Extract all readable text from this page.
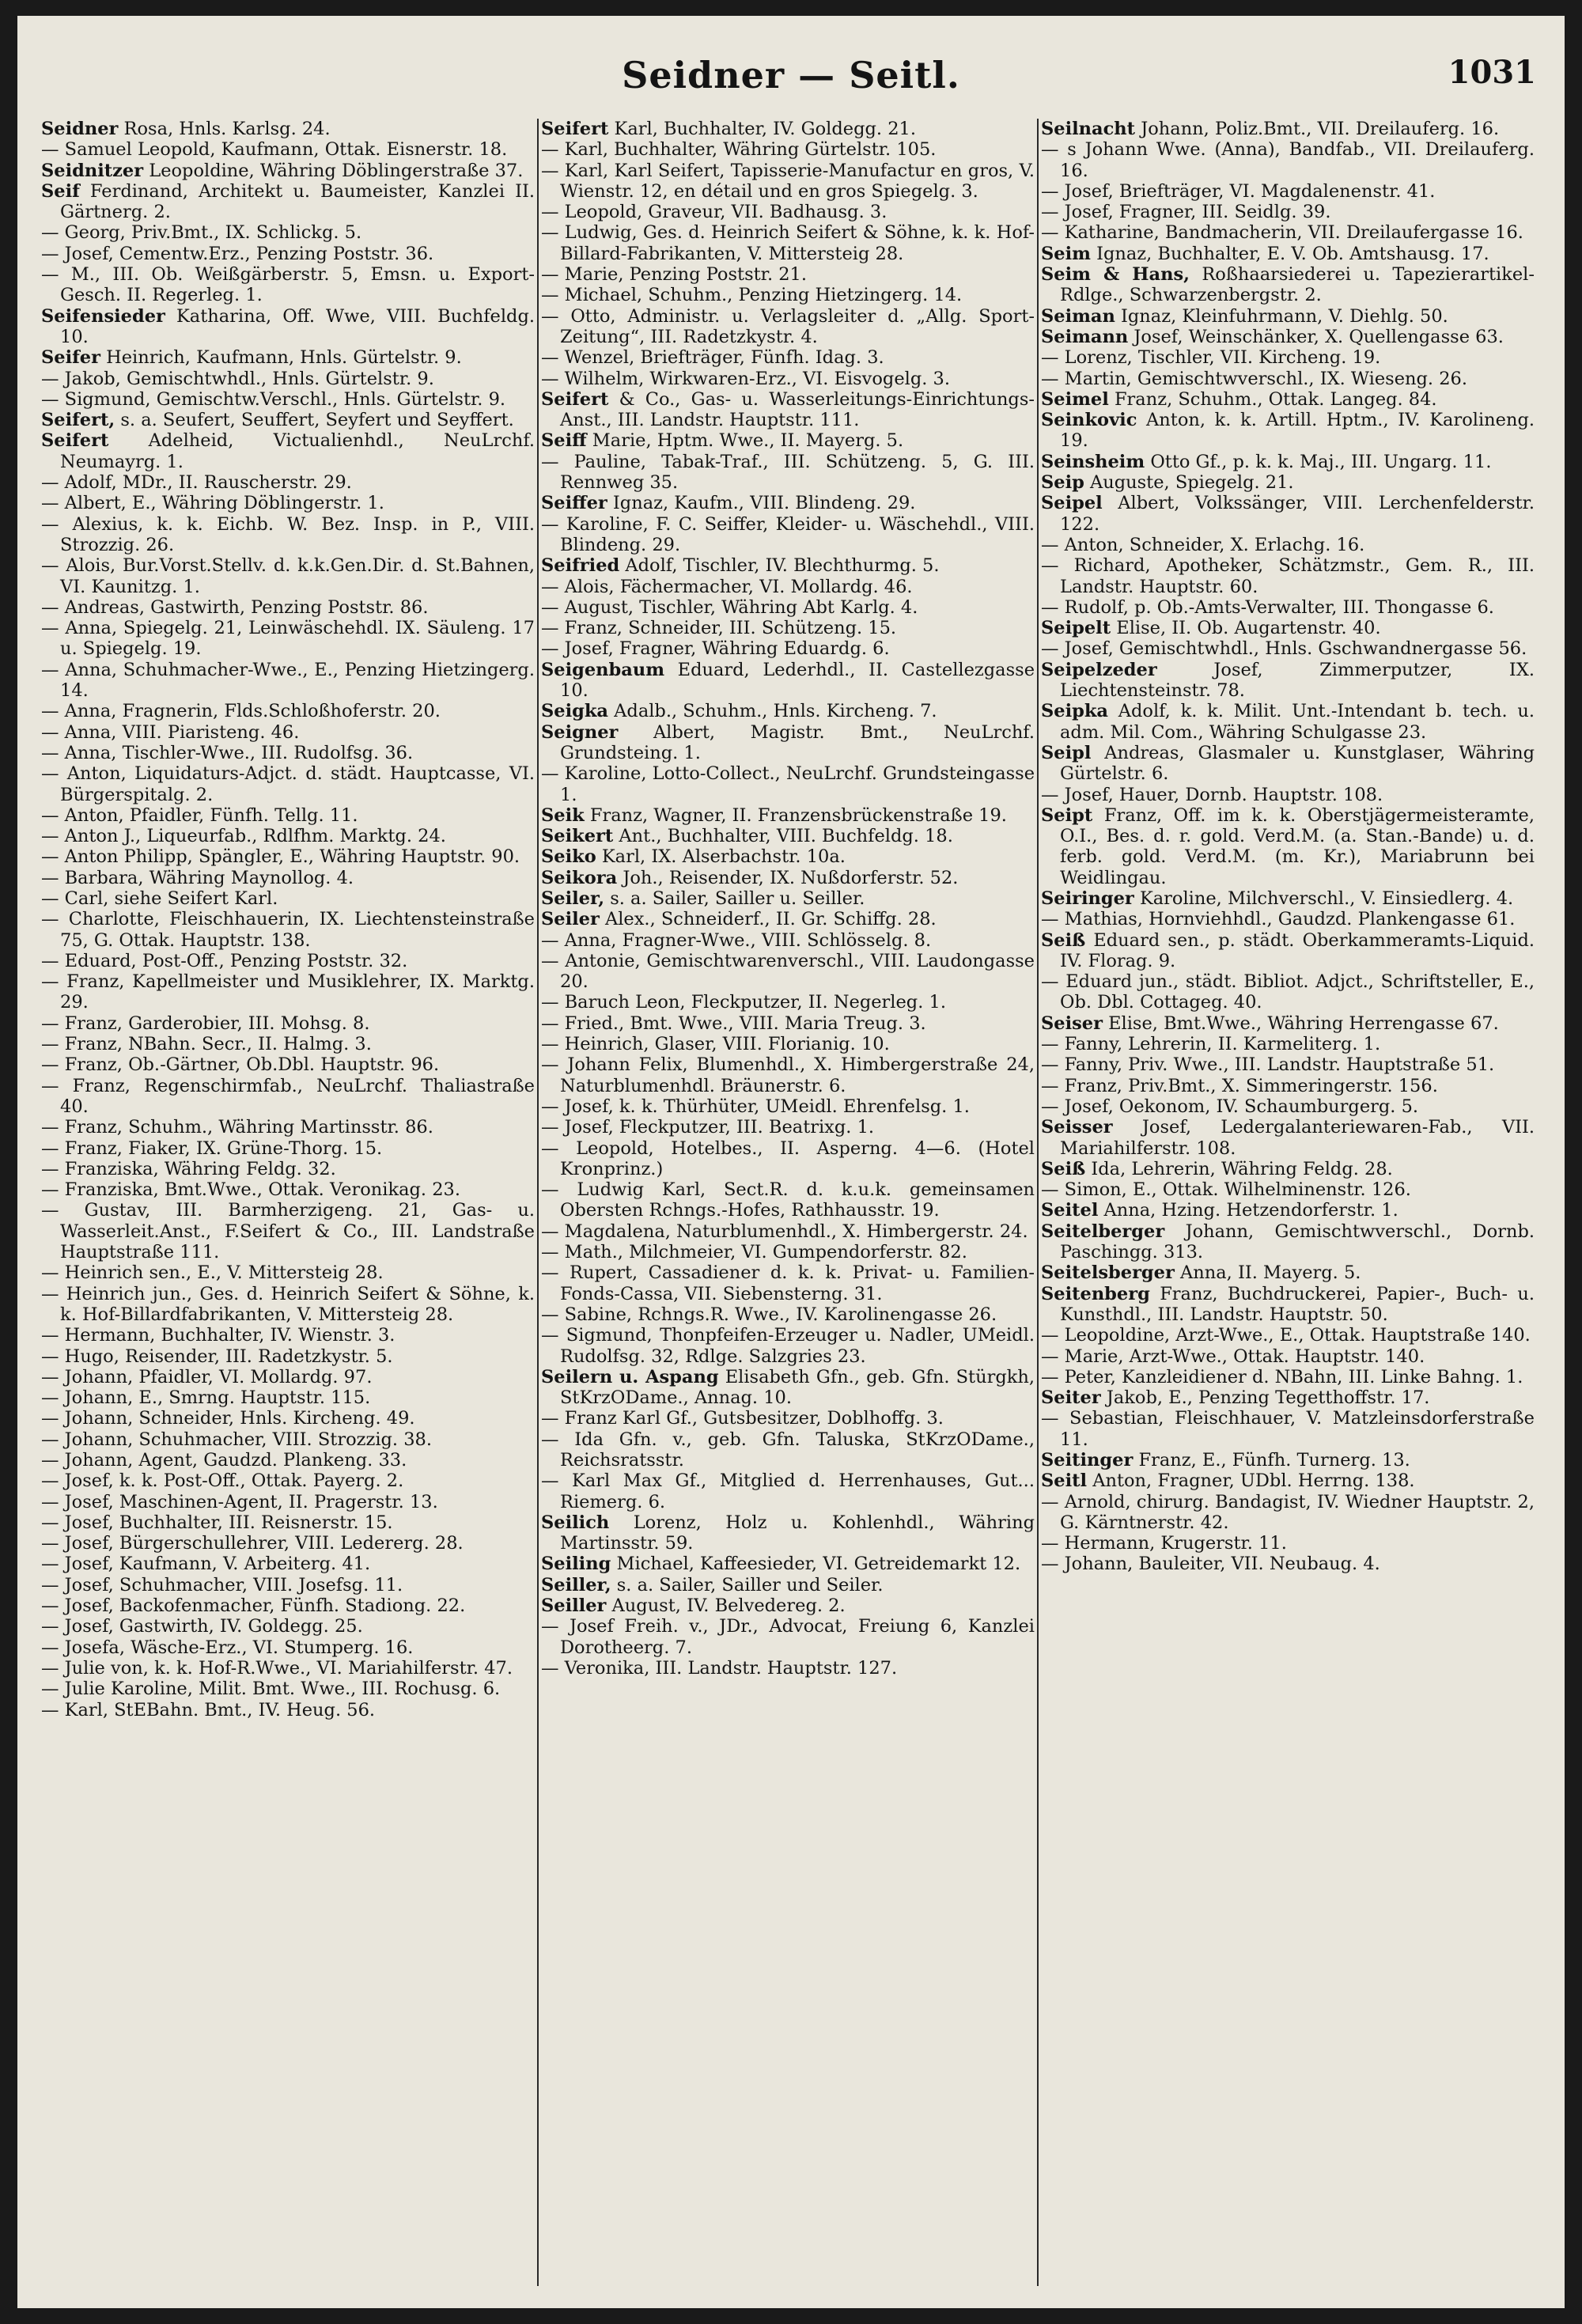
Seidner — Seitl.	1031

Seidner Rosa, Hnls. Karlsg. 24.

— Samuel Leopold, Kaufmann, Ottak. Eisnerstr. 18.

Seidnitzer Leopoldine, Währing Döblingerstraße 37.

Seif Ferdinand, Architekt u. Baumeister, Kanzlei II. Gärtnerg. 2.

— Georg, Priv.Bmt., IX. Schlickg. 5.

— Josef, Cementw.Erz., Penzing Poststr. 36.

— M., III. Ob. Weißgärberstr. 5, Emsn. u. Export-Gesch. II. Regerleg. 1.

Seifensieder Katharina, Off. Wwe, VIII. Buchfeldg. 10.

Seifer Heinrich, Kaufmann, Hnls. Gürtelstr. 9.

— Jakob, Gemischtwhdl., Hnls. Gürtelstr. 9.

— Sigmund, Gemischtw.Verschl., Hnls. Gürtelstr. 9.

Seifert, s. a. Seufert, Seuffert, Seyfert und Seyffert.

Seifert Adelheid, Victualienhdl., NeuLrchf. Neumayrg. 1.

— Adolf, MDr., II. Rauscherstr. 29.

— Albert, E., Währing Döblingerstr. 1.

— Alexius, k. k. Eichb. W. Bez. Insp. in P., VIII. Strozzig. 26.

— Alois, Bur.Vorst.Stellv. d. k.k.Gen.Dir. d. St.Bahnen, VI. Kaunitzg. 1.

— Andreas, Gastwirth, Penzing Poststr. 86.

— Anna, Spiegelg. 21, Leinwäschehdl. IX. Säuleng. 17 u. Spiegelg. 19.

— Anna, Schuhmacher-Wwe., E., Penzing Hietzingerg. 14.

— Anna, Fragnerin, Flds.Schloßhoferstr. 20.

— Anna, VIII. Piaristeng. 46.

— Anna, Tischler-Wwe., III. Rudolfsg. 36.

— Anton, Liquidaturs-Adjct. d. städt. Hauptcasse, VI. Bürgerspitalg. 2.

— Anton, Pfaidler, Fünfh. Tellg. 11.

— Anton J., Liqueurfab., Rdlfhm. Marktg. 24.

— Anton Philipp, Spängler, E., Währing Hauptstr. 90.

— Barbara, Währing Maynollog. 4.

— Carl, siehe Seifert Karl.

— Charlotte, Fleischhauerin, IX. Liechtensteinstraße 75, G. Ottak. Hauptstr. 138.

— Eduard, Post-Off., Penzing Poststr. 32.

— Franz, Kapellmeister und Musiklehrer, IX. Marktg. 29.

— Franz, Garderobier, III. Mohsg. 8.

— Franz, NBahn. Secr., II. Halmg. 3.

— Franz, Ob.-Gärtner, Ob.Dbl. Hauptstr. 96.

— Franz, Regenschirmfab., NeuLrchf. Thaliastraße 40.

— Franz, Schuhm., Währing Martinsstr. 86.

— Franz, Fiaker, IX. Grüne-Thorg. 15.

— Franziska, Währing Feldg. 32.

— Franziska, Bmt.Wwe., Ottak. Veronikag. 23.

— Gustav, III. Barmherzigeng. 21, Gas- u. Wasserleit.Anst., F.Seifert & Co., III. Landstraße Hauptstraße 111.

— Heinrich sen., E., V. Mittersteig 28.

— Heinrich jun., Ges. d. Heinrich Seifert & Söhne, k. k. Hof-Billardfabrikanten, V. Mittersteig 28.

— Hermann, Buchhalter, IV. Wienstr. 3.

— Hugo, Reisender, III. Radetzkystr. 5.

— Johann, Pfaidler, VI. Mollardg. 97.

— Johann, E., Smrng. Hauptstr. 115.

— Johann, Schneider, Hnls. Kircheng. 49.

— Johann, Schuhmacher, VIII. Strozzig. 38.

— Johann, Agent, Gaudzd. Plankeng. 33.

— Josef, k. k. Post-Off., Ottak. Payerg. 2.

— Josef, Maschinen-Agent, II. Pragerstr. 13.

— Josef, Buchhalter, III. Reisnerstr. 15.

— Josef, Bürgerschullehrer, VIII. Ledererg. 28.

— Josef, Kaufmann, V. Arbeiterg. 41.

— Josef, Schuhmacher, VIII. Josefsg. 11.

— Josef, Backofenmacher, Fünfh. Stadiong. 22.

— Josef, Gastwirth, IV. Goldegg. 25.

— Josefa, Wäsche-Erz., VI. Stumperg. 16.

— Julie von, k. k. Hof-R.Wwe., VI. Mariahilferstr. 47.

— Julie Karoline, Milit. Bmt. Wwe., III. Rochusg. 6.

— Karl, StEBahn. Bmt., IV. Heug. 56.

Seifert Karl, Buchhalter, IV. Goldegg. 21.

— Karl, Buchhalter, Währing Gürtelstr. 105.

— Karl, Karl Seifert, Tapisserie-Manufactur en gros, V. Wienstr. 12, en détail und en gros Spiegelg. 3.

— Leopold, Graveur, VII. Badhausg. 3.

— Ludwig, Ges. d. Heinrich Seifert & Söhne, k. k. Hof-Billard-Fabrikanten, V. Mittersteig 28.

— Marie, Penzing Poststr. 21.

— Michael, Schuhm., Penzing Hietzingerg. 14.

— Otto, Administr. u. Verlagsleiter d. „Allg. Sport-Zeitung“, III. Radetzkystr. 4.

— Wenzel, Briefträger, Fünfh. Idag. 3.

— Wilhelm, Wirkwaren-Erz., VI. Eisvogelg. 3.

Seifert & Co., Gas- u. Wasserleitungs-Einrichtungs-Anst., III. Landstr. Hauptstr. 111.

Seiff Marie, Hptm. Wwe., II. Mayerg. 5.

— Pauline, Tabak-Traf., III. Schützeng. 5, G. III. Rennweg 35.

Seiffer Ignaz, Kaufm., VIII. Blindeng. 29.

— Karoline, F. C. Seiffer, Kleider- u. Wäschehdl., VIII. Blindeng. 29.

Seifried Adolf, Tischler, IV. Blechthurmg. 5.

— Alois, Fächermacher, VI. Mollardg. 46.

— August, Tischler, Währing Abt Karlg. 4.

— Franz, Schneider, III. Schützeng. 15.

— Josef, Fragner, Währing Eduardg. 6.

Seigenbaum Eduard, Lederhdl., II. Castellezgasse 10.

Seigka Adalb., Schuhm., Hnls. Kircheng. 7.

Seigner Albert, Magistr. Bmt., NeuLrchf. Grundsteing. 1.

— Karoline, Lotto-Collect., NeuLrchf. Grundsteingasse 1.

Seik Franz, Wagner, II. Franzensbrückenstraße 19.

Seikert Ant., Buchhalter, VIII. Buchfeldg. 18.

Seiko Karl, IX. Alserbachstr. 10a.

Seikora Joh., Reisender, IX. Nußdorferstr. 52.

Seiler, s. a. Sailer, Sailler u. Seiller.

Seiler Alex., Schneiderf., II. Gr. Schiffg. 28.

— Anna, Fragner-Wwe., VIII. Schlösselg. 8.

— Antonie, Gemischtwarenverschl., VIII. Laudongasse 20.

— Baruch Leon, Fleckputzer, II. Negerleg. 1.

— Fried., Bmt. Wwe., VIII. Maria Treug. 3.

— Heinrich, Glaser, VIII. Florianig. 10.

— Johann Felix, Blumenhdl., X. Himbergerstraße 24, Naturblumenhdl. Bräunerstr. 6.

— Josef, k. k. Thürhüter, UMeidl. Ehrenfelsg. 1.

— Josef, Fleckputzer, III. Beatrixg. 1.

— Leopold, Hotelbes., II. Asperng. 4—6. (Hotel Kronprinz.)

— Ludwig Karl, Sect.R. d. k.u.k. gemeinsamen Obersten Rchngs.-Hofes, Rathhausstr. 19.

— Magdalena, Naturblumenhdl., X. Himbergerstr. 24.

— Math., Milchmeier, VI. Gumpendorferstr. 82.

— Rupert, Cassadiener d. k. k. Privat- u. Familien-Fonds-Cassa, VII. Siebensterng. 31.

— Sabine, Rchngs.R. Wwe., IV. Karolinengasse 26.

— Sigmund, Thonpfeifen-Erzeuger u. Nadler, UMeidl. Rudolfsg. 32, Rdlge. Salzgries 23.

Seilern u. Aspang Elisabeth Gfn., geb. Gfn. Stürgkh, StKrzODame., Annag. 10.

— Franz Karl Gf., Gutsbesitzer, Doblhoffg. 3.

— Ida Gfn. v., geb. Gfn. Taluska, StKrzODame., Reichsratsstr.

— Karl Max Gf., Mitglied d. Herrenhauses, Gut... Riemerg. 6.

Seilich Lorenz, Holz u. Kohlenhdl., Währing Martinsstr. 59.

Seiling Michael, Kaffeesieder, VI. Getreidemarkt 12.

Seiller, s. a. Sailer, Sailler und Seiler.

Seiller August, IV. Belvedereg. 2.

— Josef Freih. v., JDr., Advocat, Freiung 6, Kanzlei Dorotheerg. 7.

— Veronika, III. Landstr. Hauptstr. 127.

Seilnacht Johann, Poliz.Bmt., VII. Dreilauferg. 16.

— s Johann Wwe. (Anna), Bandfab., VII. Dreilauferg. 16.

— Josef, Briefträger, VI. Magdalenenstr. 41.

— Josef, Fragner, III. Seidlg. 39.

— Katharine, Bandmacherin, VII. Dreilaufergasse 16.

Seim Ignaz, Buchhalter, E. V. Ob. Amtshausg. 17.

Seim & Hans, Roßhaarsiederei u. Tapezierartikel-Rdlge., Schwarzenbergstr. 2.

Seiman Ignaz, Kleinfuhrmann, V. Diehlg. 50.

Seimann Josef, Weinschänker, X. Quellengasse 63.

— Lorenz, Tischler, VII. Kircheng. 19.

— Martin, Gemischtwverschl., IX. Wieseng. 26.

Seimel Franz, Schuhm., Ottak. Langeg. 84.

Seinkovic Anton, k. k. Artill. Hptm., IV. Karolineng. 19.

Seinsheim Otto Gf., p. k. k. Maj., III. Ungarg. 11.

Seip Auguste, Spiegelg. 21.

Seipel Albert, Volkssänger, VIII. Lerchenfelderstr. 122.

— Anton, Schneider, X. Erlachg. 16.

— Richard, Apotheker, Schätzmstr., Gem. R., III. Landstr. Hauptstr. 60.

— Rudolf, p. Ob.-Amts-Verwalter, III. Thongasse 6.

Seipelt Elise, II. Ob. Augartenstr. 40.

— Josef, Gemischtwhdl., Hnls. Gschwandnergasse 56.

Seipelzeder	Josef, Zimmerputzer, IX. Liechtensteinstr. 78.

Seipka Adolf, k. k. Milit. Unt.-Intendant b. tech. u. adm. Mil. Com., Währing Schulgasse 23.

Seipl Andreas, Glasmaler u. Kunstglaser, Währing Gürtelstr. 6.

— Josef, Hauer, Dornb. Hauptstr. 108.

Seipt Franz, Off. im k. k. Oberstjägermeisteramte, O.I., Bes. d. r. gold. Verd.M. (a. Stan.-Bande) u. d. ferb. gold. Verd.M. (m. Kr.), Mariabrunn bei Weidlingau.

Seiringer Karoline, Milchverschl., V. Einsiedlerg. 4.

— Mathias, Hornviehhdl., Gaudzd. Plankengasse 61.

Seiß Eduard sen., p. städt. Oberkammeramts-Liquid. IV. Florag. 9.

— Eduard jun., städt. Bibliot. Adjct., Schriftsteller, E., Ob. Dbl. Cottageg. 40.

Seiser Elise, Bmt.Wwe., Währing Herrengasse 67.

— Fanny, Lehrerin, II. Karmeliterg. 1.

— Fanny, Priv. Wwe., III. Landstr. Hauptstraße 51.

— Franz, Priv.Bmt., X. Simmeringerstr. 156.

— Josef, Oekonom, IV. Schaumburgerg. 5.

Seisser Josef, Ledergalanteriewaren-Fab., VII. Mariahilferstr. 108.

Seiß Ida, Lehrerin, Währing Feldg. 28.

— Simon, E., Ottak. Wilhelminenstr. 126.

Seitel Anna, Hzing. Hetzendorferstr. 1.

Seitelberger Johann, Gemischtwverschl., Dornb. Paschingg. 313.

Seitelsberger Anna, II. Mayerg. 5.

Seitenberg Franz, Buchdruckerei, Papier-, Buch- u. Kunsthdl., III. Landstr. Hauptstr. 50.

— Leopoldine, Arzt-Wwe., E., Ottak. Hauptstraße 140.

— Marie, Arzt-Wwe., Ottak. Hauptstr. 140.

— Peter, Kanzleidiener d. NBahn, III. Linke Bahng. 1.

Seiter Jakob, E., Penzing Tegetthoffstr. 17.

— Sebastian, Fleischhauer, V. Matzleinsdorferstraße 11.

Seitinger Franz, E., Fünfh. Turnerg. 13.

Seitl Anton, Fragner, UDbl. Herrng. 138.

— Arnold, chirurg. Bandagist, IV. Wiedner Hauptstr. 2, G. Kärntnerstr. 42.

— Hermann, Krugerstr. 11.

— Johann, Bauleiter, VII. Neubaug. 4.
